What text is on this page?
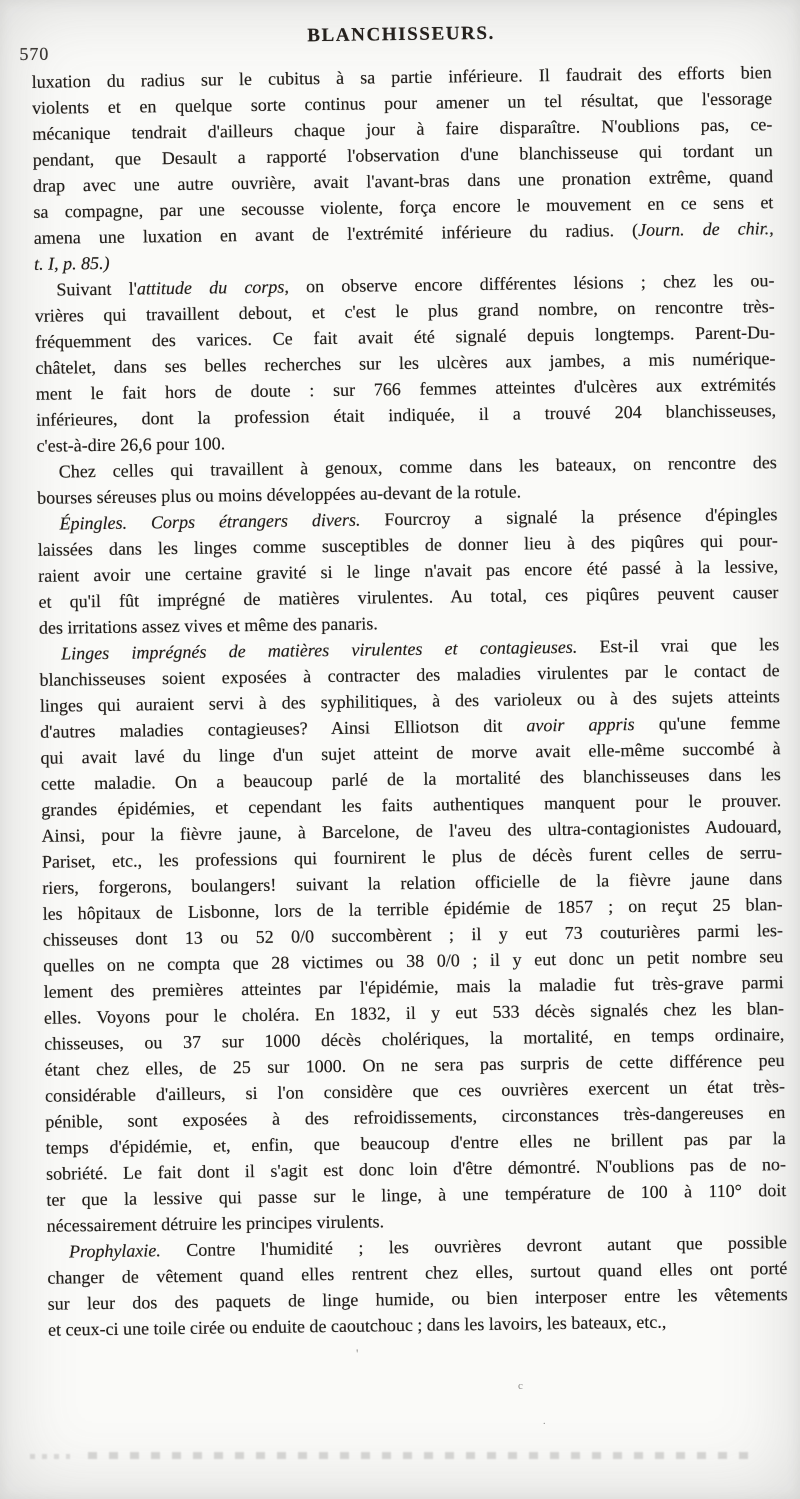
570
BLANCHISSEURS.
luxation du radius sur le cubitus à sa partie inférieure. Il faudrait des efforts bien
violents et en quelque sorte continus pour amener un tel résultat, que l'essorage
mécanique tendrait d'ailleurs chaque jour à faire disparaître. N'oublions pas, ce-
pendant, que Desault a rapporté l'observation d'une blanchisseuse qui tordant un
drap avec une autre ouvrière, avait l'avant-bras dans une pronation extrême, quand
sa compagne, par une secousse violente, força encore le mouvement en ce sens et
amena une luxation en avant de l'extrémité inférieure du radius. (Journ. de chir.,
t. I, p. 85.)
Suivant l'attitude du corps, on observe encore différentes lésions ; chez les ou-
vrières qui travaillent debout, et c'est le plus grand nombre, on rencontre très-
fréquemment des varices. Ce fait avait été signalé depuis longtemps. Parent-Du-
châtelet, dans ses belles recherches sur les ulcères aux jambes, a mis numérique-
ment le fait hors de doute : sur 766 femmes atteintes d'ulcères aux extrémités
inférieures, dont la profession était indiquée, il a trouvé 204 blanchisseuses,
c'est-à-dire 26,6 pour 100.
Chez celles qui travaillent à genoux, comme dans les bateaux, on rencontre des
bourses séreuses plus ou moins développées au-devant de la rotule.
Épingles. Corps étrangers divers. Fourcroy a signalé la présence d'épingles
laissées dans les linges comme susceptibles de donner lieu à des piqûres qui pour-
raient avoir une certaine gravité si le linge n'avait pas encore été passé à la lessive,
et qu'il fût imprégné de matières virulentes. Au total, ces piqûres peuvent causer
des irritations assez vives et même des panaris.
Linges imprégnés de matières virulentes et contagieuses. Est-il vrai que les
blanchisseuses soient exposées à contracter des maladies virulentes par le contact de
linges qui auraient servi à des syphilitiques, à des varioleux ou à des sujets atteints
d'autres maladies contagieuses? Ainsi Elliotson dit avoir appris qu'une femme
qui avait lavé du linge d'un sujet atteint de morve avait elle-même succombé à
cette maladie. On a beaucoup parlé de la mortalité des blanchisseuses dans les
grandes épidémies, et cependant les faits authentiques manquent pour le prouver.
Ainsi, pour la fièvre jaune, à Barcelone, de l'aveu des ultra-contagionistes Audouard,
Pariset, etc., les professions qui fournirent le plus de décès furent celles de serru-
riers, forgerons, boulangers! suivant la relation officielle de la fièvre jaune dans
les hôpitaux de Lisbonne, lors de la terrible épidémie de 1857 ; on reçut 25 blan-
chisseuses dont 13 ou 52 0/0 succombèrent ; il y eut 73 couturières parmi les-
quelles on ne compta que 28 victimes ou 38 0/0 ; il y eut donc un petit nombre seu
lement des premières atteintes par l'épidémie, mais la maladie fut très-grave parmi
elles. Voyons pour le choléra. En 1832, il y eut 533 décès signalés chez les blan-
chisseuses, ou 37 sur 1000 décès cholériques, la mortalité, en temps ordinaire,
étant chez elles, de 25 sur 1000. On ne sera pas surpris de cette différence peu
considérable d'ailleurs, si l'on considère que ces ouvrières exercent un état très-
pénible, sont exposées à des refroidissements, circonstances très-dangereuses en
temps d'épidémie, et, enfin, que beaucoup d'entre elles ne brillent pas par la
sobriété. Le fait dont il s'agit est donc loin d'être démontré. N'oublions pas de no-
ter que la lessive qui passe sur le linge, à une température de 100 à 110° doit
nécessairement détruire les principes virulents.
Prophylaxie. Contre l'humidité ; les ouvrières devront autant que possible
changer de vêtement quand elles rentrent chez elles, surtout quand elles ont porté
sur leur dos des paquets de linge humide, ou bien interposer entre les vêtements
et ceux-ci une toile cirée ou enduite de caoutchouc ; dans les lavoirs, les bateaux, etc.,
'
c
.
